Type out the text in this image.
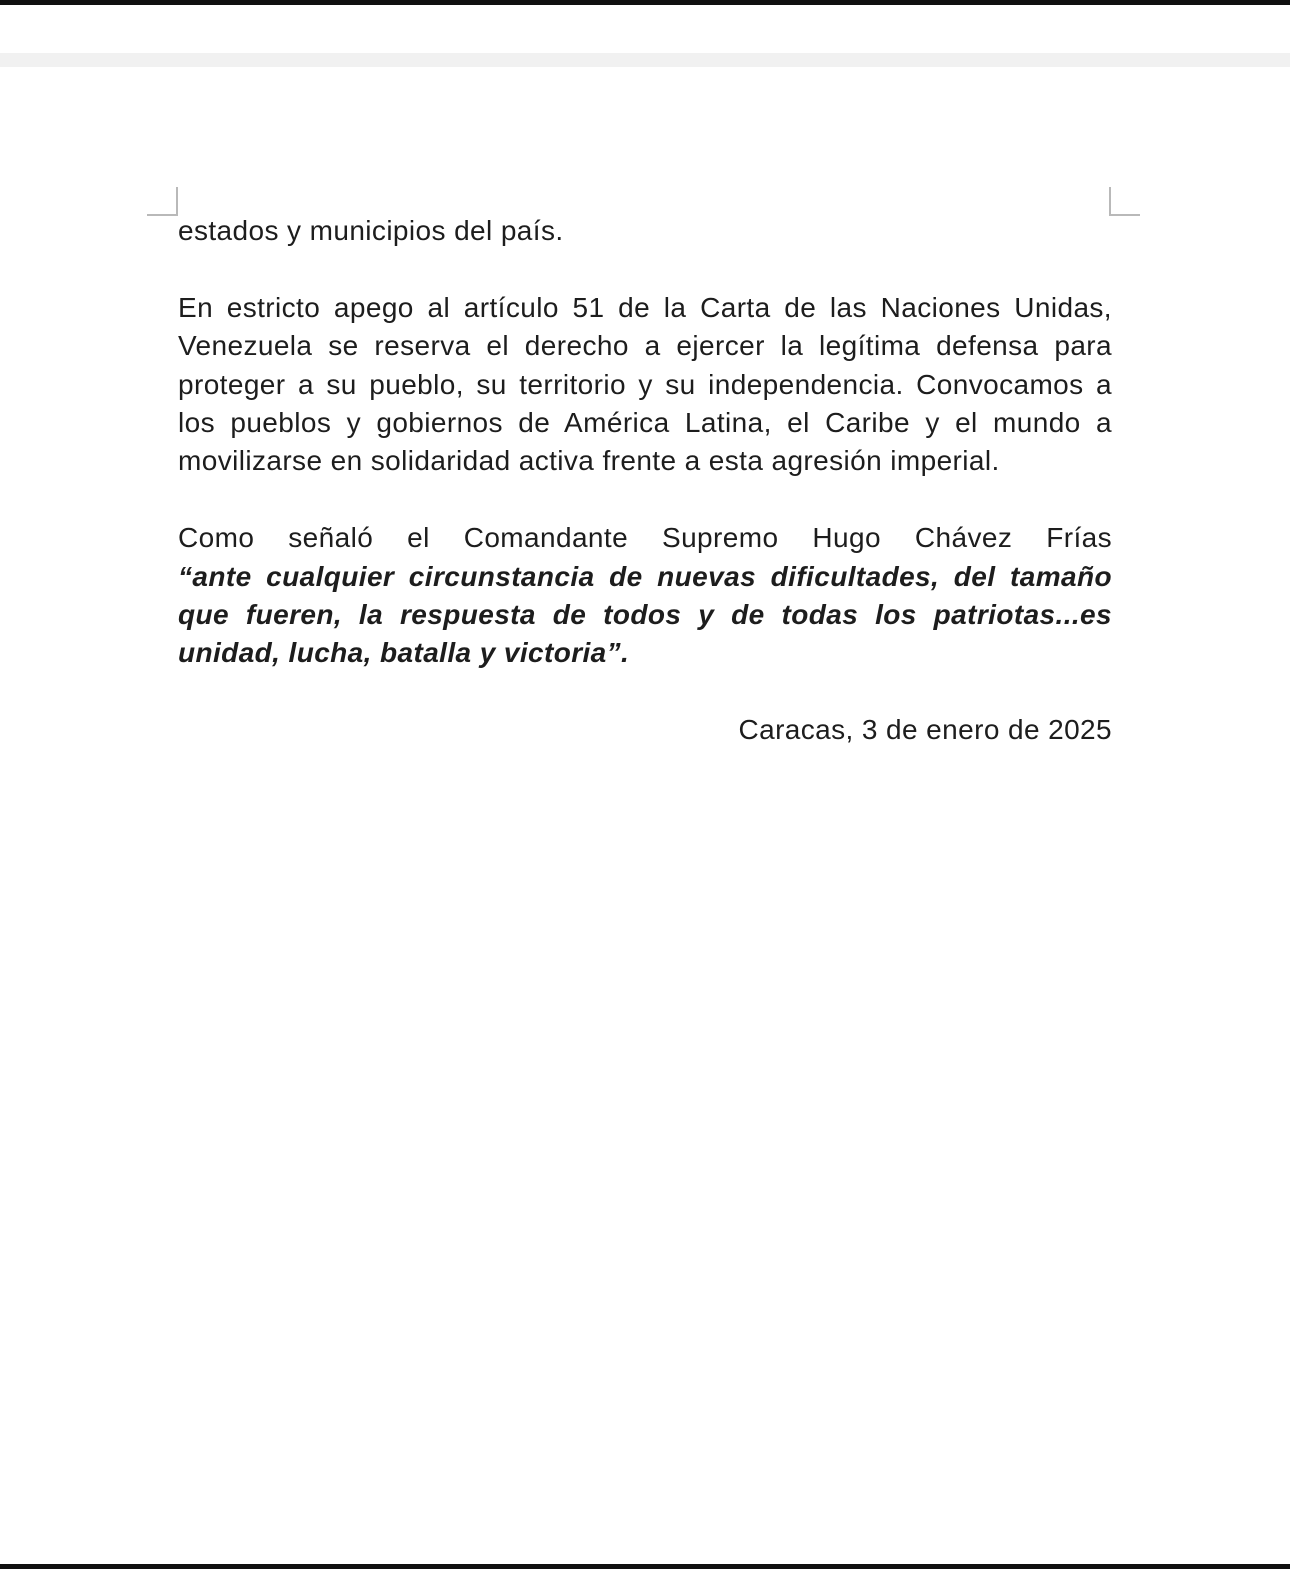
estados y municipios del país.

En estricto apego al artículo 51 de la Carta de las Naciones Unidas, Venezuela se reserva el derecho a ejercer la legítima defensa para proteger a su pueblo, su territorio y su independencia. Convocamos a los pueblos y gobiernos de América Latina, el Caribe y el mundo a movilizarse en solidaridad activa frente a esta agresión imperial.

Como señaló el Comandante Supremo Hugo Chávez Frías

“ante cualquier circunstancia de nuevas dificultades, del tamaño que fueren, la respuesta de todos y de todas los patriotas...es unidad, lucha, batalla y victoria”.

Caracas, 3 de enero de 2025
